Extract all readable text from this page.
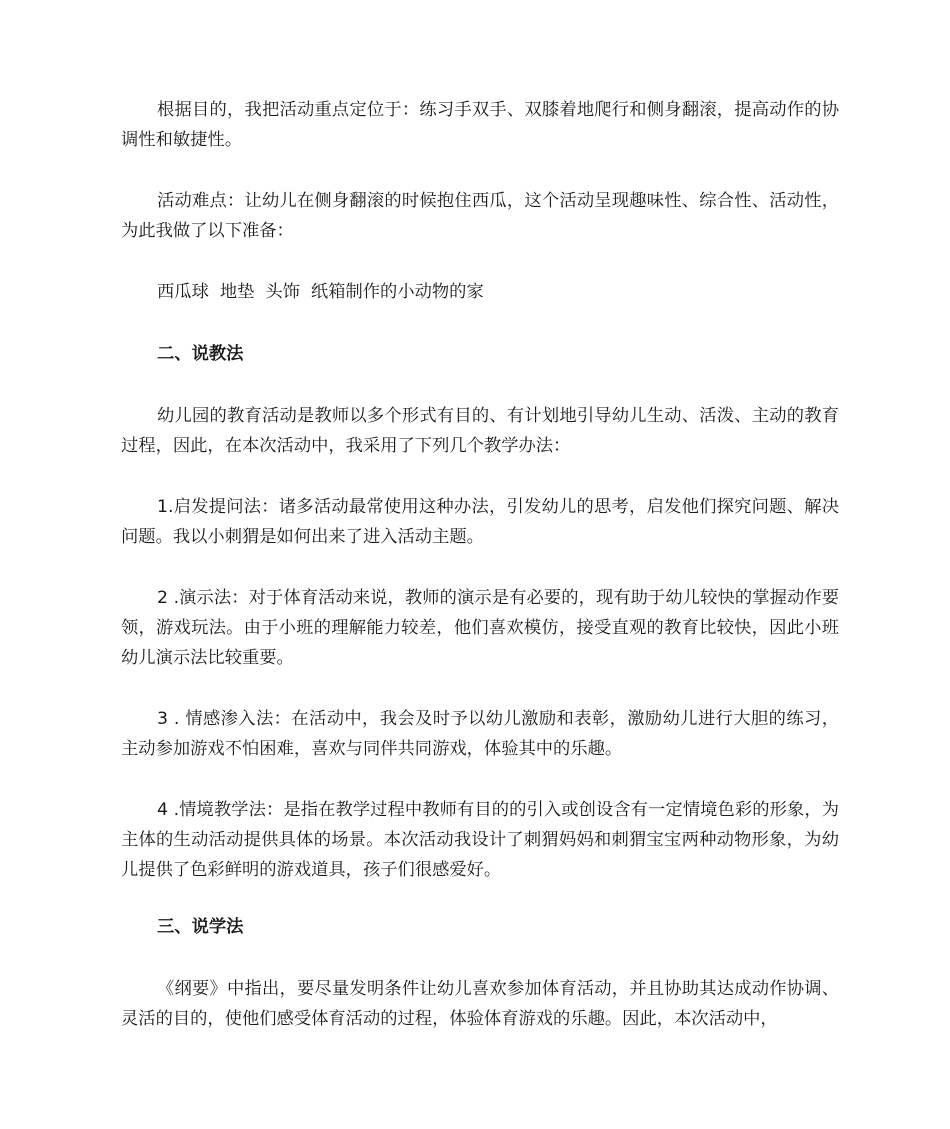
根据目的，我把活动重点定位于：练习手双手、双膝着地爬行和侧身翻滚，提高动作的协调性和敏捷性。

活动难点：让幼儿在侧身翻滚的时候抱住西瓜，这个活动呈现趣味性、综合性、活动性，为此我做了以下准备：

西瓜球  地垫  头饰  纸箱制作的小动物的家

二、说教法

幼儿园的教育活动是教师以多个形式有目的、有计划地引导幼儿生动、活泼、主动的教育过程，因此，在本次活动中，我采用了下列几个教学办法：

1.启发提问法：诸多活动最常使用这种办法，引发幼儿的思考，启发他们探究问题、解决问题。我以小刺猬是如何出来了进入活动主题。

2 .演示法：对于体育活动来说，教师的演示是有必要的，现有助于幼儿较快的掌握动作要领，游戏玩法。由于小班的理解能力较差，他们喜欢模仿，接受直观的教育比较快，因此小班幼儿演示法比较重要。

3 . 情感渗入法：在活动中，我会及时予以幼儿激励和表彰，激励幼儿进行大胆的练习，主动参加游戏不怕困难，喜欢与同伴共同游戏，体验其中的乐趣。

4 .情境教学法：是指在教学过程中教师有目的的引入或创设含有一定情境色彩的形象，为主体的生动活动提供具体的场景。本次活动我设计了刺猬妈妈和刺猬宝宝两种动物形象，为幼儿提供了色彩鲜明的游戏道具，孩子们很感爱好。

三、说学法

《纲要》中指出，要尽量发明条件让幼儿喜欢参加体育活动，并且协助其达成动作协调、灵活的目的，使他们感受体育活动的过程，体验体育游戏的乐趣。因此，本次活动中，
